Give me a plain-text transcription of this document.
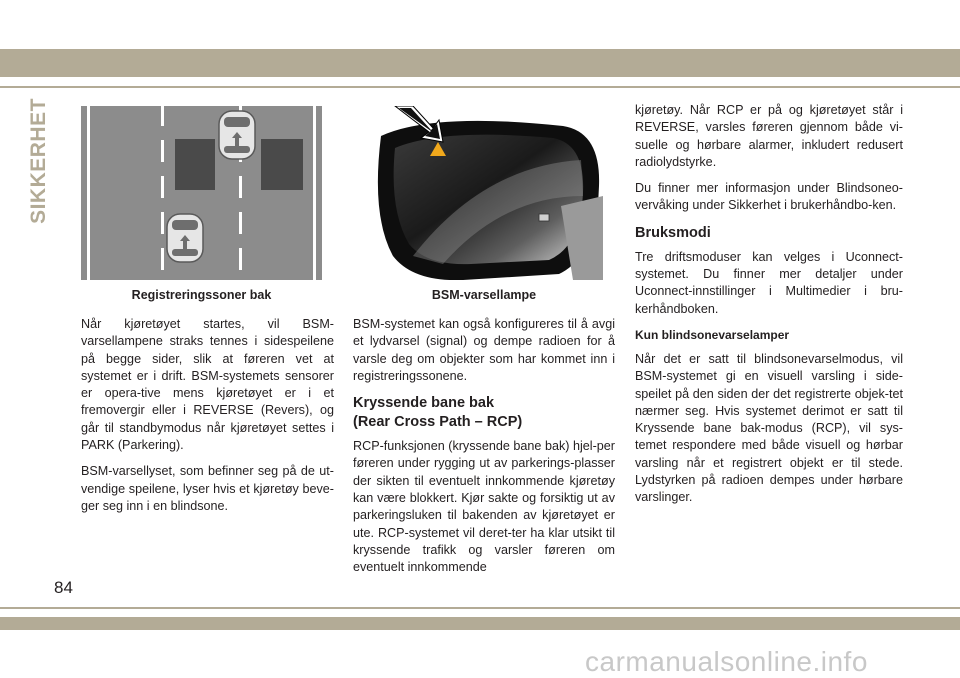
SIKKERHET
Registreringssoner bak	BSM-varsellampe

Når kjøretøyet startes, vil BSM-varsellampene straks tennes i sidespeilene på begge sider, slik at føreren vet at systemet er i drift. BSM-systemets sensorer er opera-tive mens kjøretøyet er i et fremovergir eller i REVERSE (Revers), og går til standbymodus når kjøretøyet settes i PARK (Parkering).

BSM-varsellyset, som befinner seg på de ut-vendige speilene, lyser hvis et kjøretøy beve-ger seg inn i en blindsone.

BSM-systemet kan også konfigureres til å avgi et lydvarsel (signal) og dempe radioen for å varsle deg om objekter som har kommet inn i registreringssonene.

Kryssende bane bak
(Rear Cross Path – RCP)

RCP-funksjonen (kryssende bane bak) hjel-per føreren under rygging ut av parkerings-plasser der sikten til eventuelt innkommende kjøretøy kan være blokkert. Kjør sakte og forsiktig ut av parkeringsluken til bakenden av kjøretøyet er ute. RCP-systemet vil deret-ter ha klar utsikt til kryssende trafikk og varsler føreren om eventuelt innkommende

kjøretøy. Når RCP er på og kjøretøyet står i REVERSE, varsles føreren gjennom både vi-suelle og hørbare alarmer, inkludert redusert radiolydstyrke.

Du finner mer informasjon under Blindsoneo-vervåking under Sikkerhet i brukerhåndbo-ken.

Bruksmodi

Tre driftsmoduser kan velges i Uconnect-systemet. Du finner mer detaljer under Uconnect-innstillinger i Multimedier i bru-kerhåndboken.

Kun blindsonevarselamper

Når det er satt til blindsonevarselmodus, vil BSM-systemet gi en visuell varsling i side-speilet på den siden der det registrerte objek-tet nærmer seg. Hvis systemet derimot er satt til Kryssende bane bak-modus (RCP), vil sys-temet respondere med både visuell og hørbar varsling når et registrert objekt er til stede. Lydstyrken på radioen dempes under hørbare varslinger.

84
carmanualsonline.info
